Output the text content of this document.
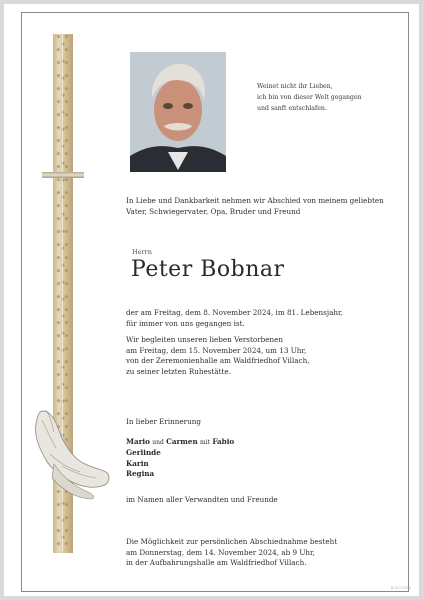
Weinet nicht ihr Lieben,
ich bin von dieser Welt gegangen
und sanft entschlafen.
In Liebe und Dankbarkeit nehmen wir Abschied von meinem geliebten
Vater, Schwiegervater, Opa, Bruder und Freund
Herrn
Peter Bobnar
der am Freitag, dem 8. November 2024, im 81. Lebensjahr,
für immer von uns gegangen ist.
Wir begleiten unseren lieben Verstorbenen
am Freitag, dem 15. November 2024, um 13 Uhr,
von der Zeremonienhalle am Waldfriedhof Villach,
zu seiner letzten Ruhestätte.
In lieber Erinnerung
Mario und Carmen mit Fabio
Gerlinde
Karin
Regina
im Namen aller Verwandten und Freunde
Die Möglichkeit zur persönlichen Abschiednahme besteht
am Donnerstag, dem 14. November 2024, ab 9 Uhr,
in der Aufbahrungshalle am Waldfriedhof Villach.
B.217 0024
